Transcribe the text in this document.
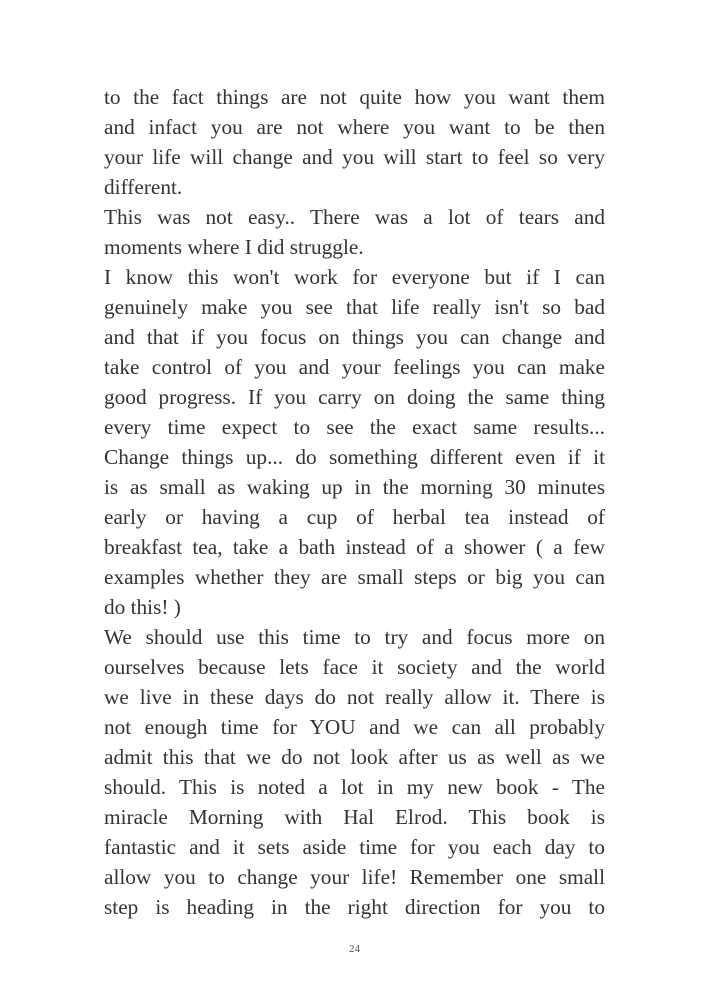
to the fact things are not quite how you want them
and infact you are not where you want to be then
your life will change and you will start to feel so very
different.
This was not easy.. There was a lot of tears and
moments where I did struggle.
I know this won't work for everyone but if I can
genuinely make you see that life really isn't so bad
and that if you focus on things you can change and
take control of you and your feelings you can make
good progress. If you carry on doing the same thing
every time expect to see the exact same results...
Change things up... do something different even if it
is as small as waking up in the morning 30 minutes
early or having a cup of herbal tea instead of
breakfast tea, take a bath instead of a shower ( a few
examples whether they are small steps or big you can
do this! )
We should use this time to try and focus more on
ourselves because lets face it society and the world
we live in these days do not really allow it. There is
not enough time for YOU and we can all probably
admit this that we do not look after us as well as we
should. This is noted a lot in my new book - The
miracle Morning with Hal Elrod. This book is
fantastic and it sets aside time for you each day to
allow you to change your life! Remember one small
step is heading in the right direction for you to
24
